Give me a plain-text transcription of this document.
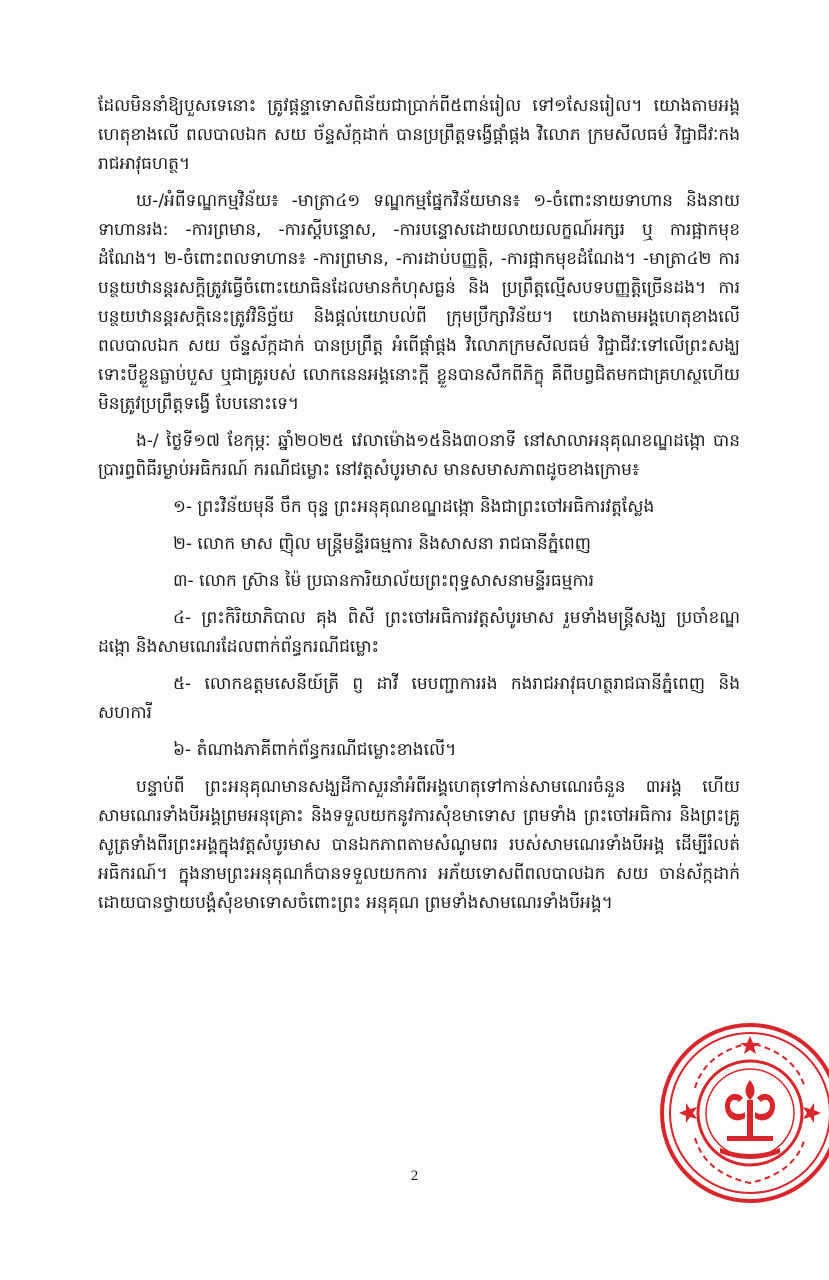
ដែលមិននាំឱ្យបួសទេនោះ ត្រូវផ្តន្ទាទោសពិន័យជាប្រាក់ពី៥ពាន់រៀល ទៅ១សែនរៀល។ យោងតាមអង្គហេតុខាងលើ ពលបាលឯក សយ ច័ន្ទស័ក្កដាក់ បានប្រព្រឹត្តទង្វើផ្តាំផ្ដង វិលោភ ក្រមសីលធម៌ វិជ្ជាជីវៈកងរាជអាវុធហត្ថ។

ឃ-/អំពីទណ្ឌកម្មវិន័យ៖ -មាត្រា៤១ ទណ្ឌកម្មផ្នែកវិន័យមាន៖ ១-ចំពោះនាយទាហាន និងនាយទាហានរង: -ការព្រមាន, -ការស្តីបន្ទោស, -ការបន្ទោសដោយលាយលក្ខណ៍អក្សរ ឬ ការផ្អាកមុខដំណែង។ ២-ចំពោះពលទាហាន៖ -ការព្រមាន, -ការដាប់បញ្ញត្តិ, -ការផ្អាកមុខដំណែង។ -មាត្រា៤២ ការបន្ថយឋានន្តរសក្តិត្រូវធ្វើចំពោះយោធិនដែលមានកំហុសធ្ងន់ និង ប្រព្រឹត្តល្មើសបទបញ្ញត្តិច្រើនដង។ ការបន្ថយឋានន្តរសក្តិនេះត្រូវវិនិច្ឆ័យ និងផ្តល់យោបល់ពី ក្រុមប្រឹក្សាវិន័យ។ យោងតាមអង្គហេតុខាងលើ ពលបាលឯក សយ ច័ន្ទស័ក្កដាក់ បានប្រព្រឹត្ត អំពើផ្តាំផ្ដង វិលោភក្រមសីលធម៌ វិជ្ជាជីវៈទៅលើព្រះសង្ឃ ទោះបីខ្លួនធ្លាប់បួស ឬជាគ្រូរបស់ លោកនេនអង្គនោះក្តី ខ្លួនបានសឹកពីភិក្ខុ គឺពីបព្វជិតមកជាគ្រហស្ថហើយ មិនត្រូវប្រព្រឹត្តទង្វើ បែបនោះទេ។

ង-/ ថ្ងៃទី១៧ ខែកុម្ភៈ ឆ្នាំ២០២៥ វេលាម៉ោង១៥និង៣០នាទី នៅសាលាអនុគុណខណ្ឌដង្កោ បានប្រារព្ធពិធីរម្ងាប់អធិករណ៍ ករណីជម្លោះ នៅវត្តសំបូរមាស មានសមាសភាពដូចខាងក្រោម៖

១- ព្រះវិន័យមុនី ចឹក ចុន្ទ ព្រះអនុគុណខណ្ឌដង្កោ និងជាព្រះចៅអធិការវត្តស្លែង

២- លោក មាស ញ៉ិល មន្រ្តីមន្ទីរធម្មការ និងសាសនា រាជធានីភ្នំពេញ

៣- លោក ស្រ៊ាន ម៉ៃ ប្រធានការិយាល័យព្រះពុទ្ធសាសនាមន្ទីរធម្មការ

៤- ព្រះកិរិយាភិបាល គុង ពិសី ព្រះចៅអធិការវត្តសំបូរមាស រួមទាំងមន្រ្តីសង្ឃ ប្រចាំខណ្ឌដង្កោ និងសាមណេរដែលពាក់ព័ន្ធករណីជម្លោះ

៥- លោកឧត្តមសេនីយ៍ត្រី ព្ញ ដាវី មេបញ្ជាការរង កងរាជអាវុធហត្ថរាជធានីភ្នំពេញ និងសហការី

៦- តំណាងភាគីពាក់ព័ន្ធករណីជម្លោះខាងលើ។

បន្ទាប់ពី ព្រះអនុគុណមានសង្ឃដីកាសួរនាំអំពីអង្គហេតុទៅកាន់សាមណេរចំនួន ៣អង្គ ហើយសាមណេរទាំងបីអង្គព្រមអនុគ្រោះ និងទទួលយកនូវការសុំខមាទោស ព្រមទាំង ព្រះចៅអធិការ និងព្រះគ្រូសូត្រទាំងពីរព្រះអង្គក្នុងវត្តសំបូរមាស បានឯកភាពតាមសំណូមពរ របស់សាមណេរទាំងបីអង្គ ដើម្បីរំលត់អធិករណ៍។ ក្នុងនាមព្រះអនុគុណក៏បានទទួលយកការ អភ័យទោសពីពលបាលឯក សយ ចាន់ស័ក្កដាក់ ដោយបានថ្វាយបង្គំសុំខមាទោសចំពោះព្រះ អនុគុណ ព្រមទាំងសាមណេរទាំងបីអង្គ។

2
